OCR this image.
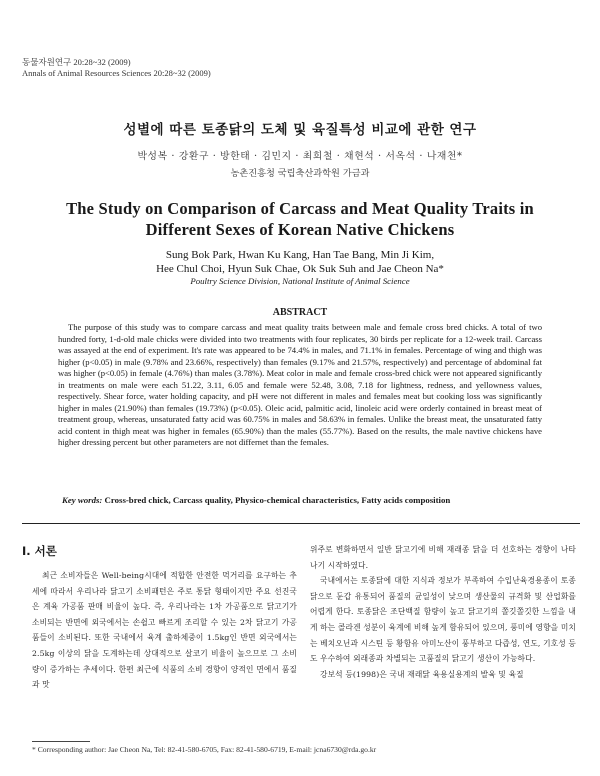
동물자원연구 20:28~32 (2009)
Annals of Animal Resources Sciences 20:28~32 (2009)
성별에 따른 토종닭의 도체 및 육질특성 비교에 관한 연구
박성복 · 강환구 · 방한태 · 김민지 · 최희철 · 채현석 · 서옥석 · 나재천*
농촌진흥청 국립축산과학원 가금과
The Study on Comparison of Carcass and Meat Quality Traits in
Different Sexes of Korean Native Chickens
Sung Bok Park, Hwan Ku Kang, Han Tae Bang, Min Ji Kim,
Hee Chul Choi, Hyun Suk Chae, Ok Suk Suh and Jae Cheon Na*
Poultry Science Division, National Institute of Animal Science
ABSTRACT
The purpose of this study was to compare carcass and meat quality traits between male and female cross bred chicks. A total of two hundred forty, 1-d-old male chicks were divided into two treatments with four replicates, 30 birds per replicate for a 12-week trail. Carcass was assayed at the end of experiment. It's rate was appeared to be 74.4% in males, and 71.1% in females. Percentage of wing and thigh was higher (p<0.05) in male (9.78% and 23.66%, respectively) than females (9.17% and 21.57%, respectively) and percentage of abdominal fat was higher (p<0.05) in female (4.76%) than males (3.78%). Meat color in male and female cross-bred chick were not appeared significantly in treatments on male were each 51.22, 3.11, 6.05 and female were 52.48, 3.08, 7.18 for lightness, redness, and yellowness values, respectively. Shear force, water holding capacity, and pH were not different in males and females meat but cooking loss was significantly higher in males (21.90%) than females (19.73%) (p<0.05). Oleic acid, palmitic acid, linoleic acid were orderly contained in breast meat of treatment group, whereas, unsaturated fatty acid was 60.75% in males and 58.63% in females. Unlike the breast meat, the unsaturated fatty acid content in thigh meat was higher in females (65.90%) than the males (55.77%). Based on the results, the male navtive chickens have higher dressing percent but other parameters are not differnet than the females.
Key words: Cross-bred chick, Carcass quality, Physico-chemical characteristics, Fatty acids composition
I. 서론

최근 소비자들은 Well-being시대에 적합한 안전한 먹거리를 요구하는 추세에 따라서 우리나라 닭고기 소비패턴은 주로 통닭 형태이지만 주요 선진국은 계육 가공품 판매 비율이 높다. 즉, 우리나라는 1차 가공품으로 닭고기가 소비되는 반면에 외국에서는 손쉽고 빠르게 조리할 수 있는 2차 닭고기 가공품들이 소비된다. 또한 국내에서 육계 출하체중이 1.5kg인 반면 외국에서는 2.5kg 이상의 닭을 도계하는데 상대적으로 살코기 비율이 높으므로 그 소비량이 증가하는 추세이다. 한편 최근에 식품의 소비 경향이 양적인 면에서 품질과 맛

위주로 변화하면서 일반 닭고기에 비해 재래종 닭을 더 선호하는 경향이 나타나기 시작하였다.

국내에서는 토종닭에 대한 지식과 정보가 부족하여 수입난육경용종이 토종닭으로 둔갑 유통되어 품질의 균일성이 낮으며 생산물의 규격화 및 산업화를 어렵게 한다. 토종닭은 조단백질 함량이 높고 닭고기의 쫄깃쫄깃한 느낌을 내게 하는 콜라겐 성분이 육계에 비해 높게 함유되어 있으며, 풍미에 영향을 미치는 베치오닌과 시스틴 등 황함유 아미노산이 풍부하고 다즙성, 연도, 기호성 등도 우수하여 외래종과 차별되는 고품질의 닭고기 생산이 가능하다.

강보석 등(1998)은 국내 재래닭 육용실용계의 발육 및 육질

* Corresponding author: Jae Cheon Na, Tel: 82-41-580-6705, Fax: 82-41-580-6719, E-mail: jcna6730@rda.go.kr
